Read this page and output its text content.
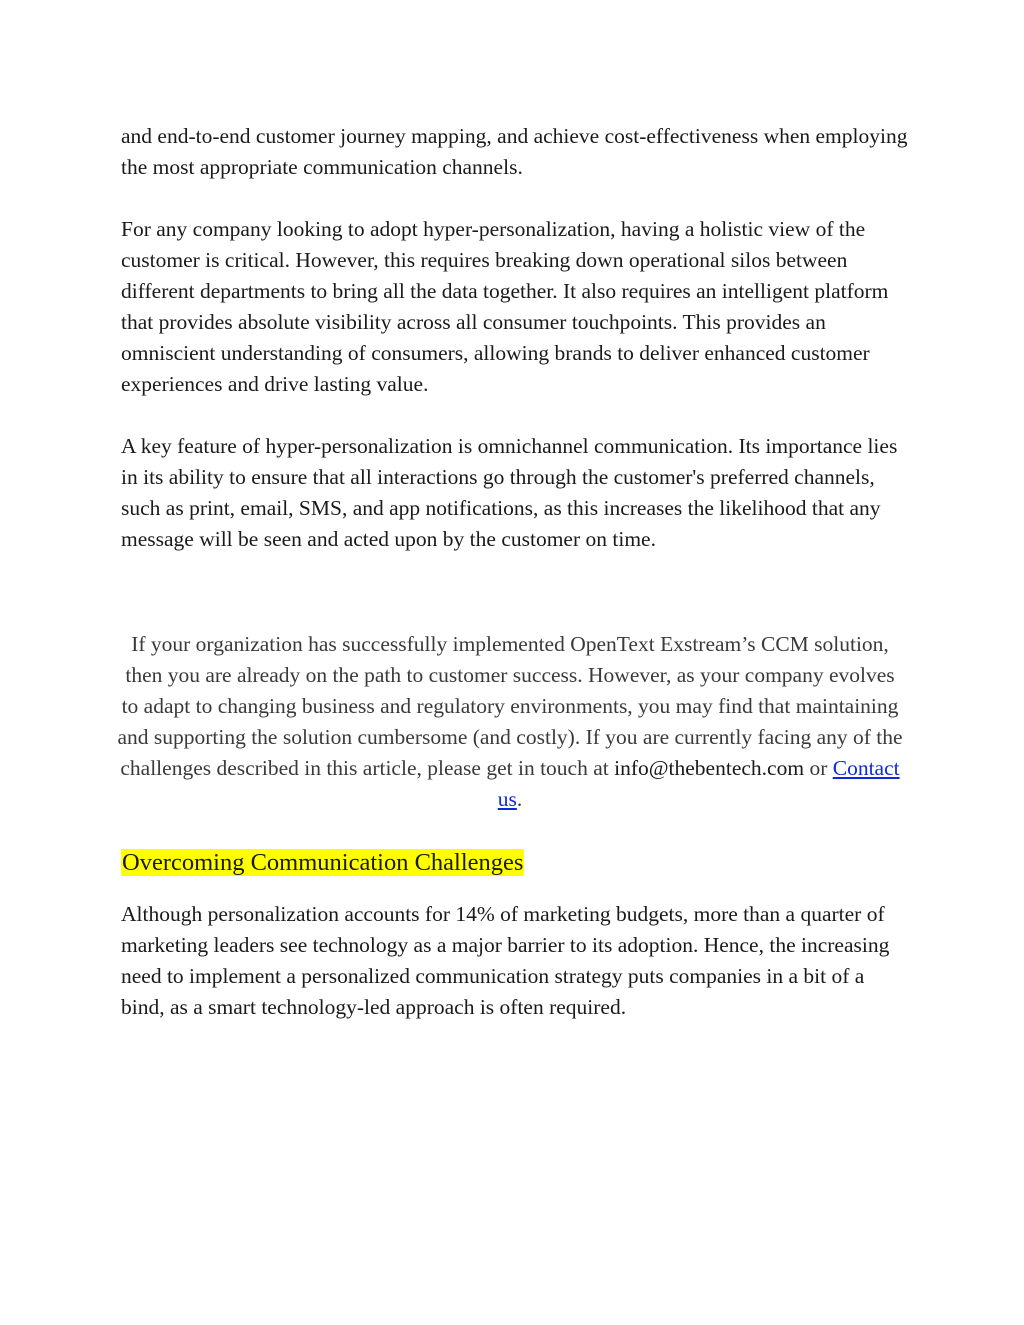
and end-to-end customer journey mapping, and achieve cost-effectiveness when employing the most appropriate communication channels.

For any company looking to adopt hyper-personalization, having a holistic view of the customer is critical. However, this requires breaking down operational silos between different departments to bring all the data together. It also requires an intelligent platform that provides absolute visibility across all consumer touchpoints. This provides an omniscient understanding of consumers, allowing brands to deliver enhanced customer experiences and drive lasting value.

A key feature of hyper-personalization is omnichannel communication. Its importance lies in its ability to ensure that all interactions go through the customer's preferred channels, such as print, email, SMS, and app notifications, as this increases the likelihood that any message will be seen and acted upon by the customer on time.

If your organization has successfully implemented OpenText Exstream’s CCM solution, then you are already on the path to customer success. However, as your company evolves to adapt to changing business and regulatory environments, you may find that maintaining and supporting the solution cumbersome (and costly). If you are currently facing any of the challenges described in this article, please get in touch at info@thebentech.com or Contact us.

Overcoming Communication Challenges

Although personalization accounts for 14% of marketing budgets, more than a quarter of marketing leaders see technology as a major barrier to its adoption. Hence, the increasing need to implement a personalized communication strategy puts companies in a bit of a bind, as a smart technology-led approach is often required.
